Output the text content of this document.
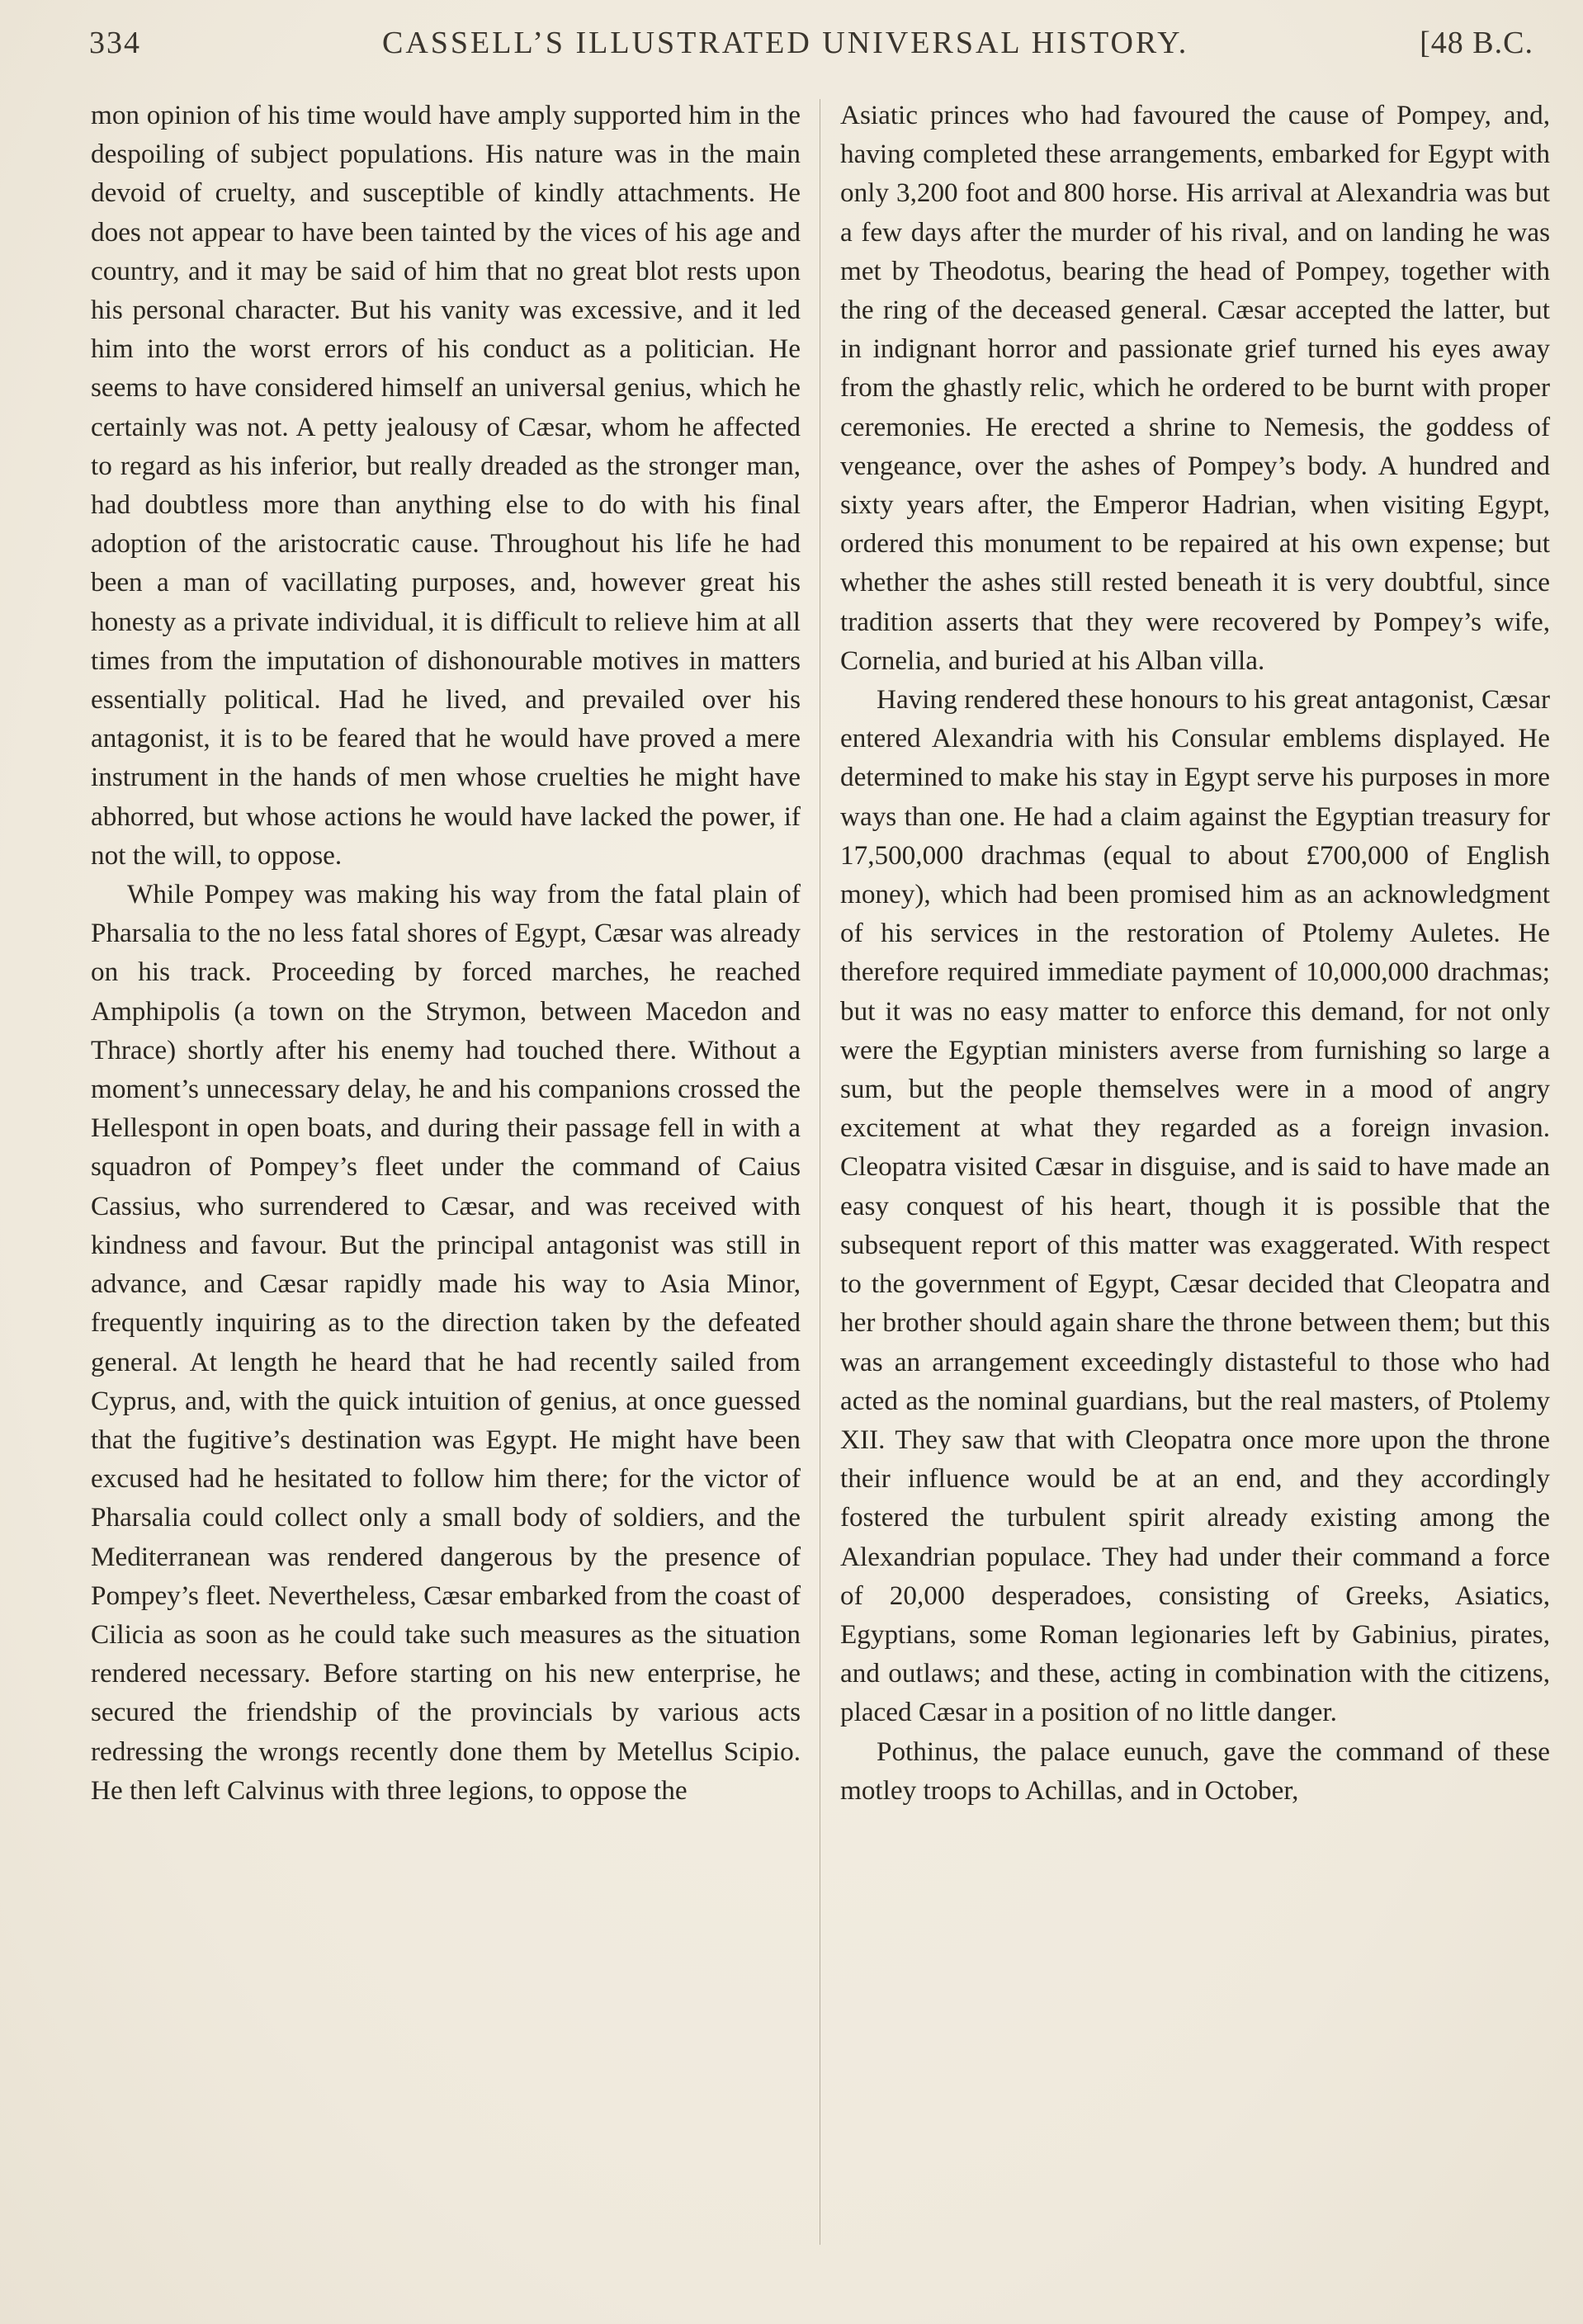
334	CASSELL’S ILLUSTRATED UNIVERSAL HISTORY.	[48 B.C.

mon opinion of his time would have amply supported him in the despoiling of subject populations. His nature was in the main devoid of cruelty, and susceptible of kindly attachments. He does not appear to have been tainted by the vices of his age and country, and it may be said of him that no great blot rests upon his personal character. But his vanity was excessive, and it led him into the worst errors of his conduct as a politician. He seems to have considered himself an universal genius, which he certainly was not. A petty jealousy of Cæsar, whom he affected to regard as his inferior, but really dreaded as the stronger man, had doubtless more than anything else to do with his final adoption of the aristocratic cause. Throughout his life he had been a man of vacillating purposes, and, however great his honesty as a private individual, it is difficult to relieve him at all times from the imputation of dishonourable motives in matters essentially political. Had he lived, and prevailed over his antagonist, it is to be feared that he would have proved a mere instrument in the hands of men whose cruelties he might have abhorred, but whose actions he would have lacked the power, if not the will, to oppose.

While Pompey was making his way from the fatal plain of Pharsalia to the no less fatal shores of Egypt, Cæsar was already on his track. Proceeding by forced marches, he reached Amphipolis (a town on the Strymon, between Macedon and Thrace) shortly after his enemy had touched there. Without a moment’s unnecessary delay, he and his companions crossed the Hellespont in open boats, and during their passage fell in with a squadron of Pompey’s fleet under the command of Caius Cassius, who surrendered to Cæsar, and was received with kindness and favour. But the principal antagonist was still in advance, and Cæsar rapidly made his way to Asia Minor, frequently inquiring as to the direction taken by the defeated general. At length he heard that he had recently sailed from Cyprus, and, with the quick intuition of genius, at once guessed that the fugitive’s destination was Egypt. He might have been excused had he hesitated to follow him there; for the victor of Pharsalia could collect only a small body of soldiers, and the Mediterranean was rendered dangerous by the presence of Pompey’s fleet. Nevertheless, Cæsar embarked from the coast of Cilicia as soon as he could take such measures as the situation rendered necessary. Before starting on his new enterprise, he secured the friendship of the provincials by various acts redressing the wrongs recently done them by Metellus Scipio. He then left Calvinus with three legions, to oppose the

Asiatic princes who had favoured the cause of Pompey, and, having completed these arrangements, embarked for Egypt with only 3,200 foot and 800 horse. His arrival at Alexandria was but a few days after the murder of his rival, and on landing he was met by Theodotus, bearing the head of Pompey, together with the ring of the deceased general. Cæsar accepted the latter, but in indignant horror and passionate grief turned his eyes away from the ghastly relic, which he ordered to be burnt with proper ceremonies. He erected a shrine to Nemesis, the goddess of vengeance, over the ashes of Pompey’s body. A hundred and sixty years after, the Emperor Hadrian, when visiting Egypt, ordered this monument to be repaired at his own expense; but whether the ashes still rested beneath it is very doubtful, since tradition asserts that they were recovered by Pompey’s wife, Cornelia, and buried at his Alban villa.

Having rendered these honours to his great antagonist, Cæsar entered Alexandria with his Consular emblems displayed. He determined to make his stay in Egypt serve his purposes in more ways than one. He had a claim against the Egyptian treasury for 17,500,000 drachmas (equal to about £700,000 of English money), which had been promised him as an acknowledgment of his services in the restoration of Ptolemy Auletes. He therefore required immediate payment of 10,000,000 drachmas; but it was no easy matter to enforce this demand, for not only were the Egyptian ministers averse from furnishing so large a sum, but the people themselves were in a mood of angry excitement at what they regarded as a foreign invasion. Cleopatra visited Cæsar in disguise, and is said to have made an easy conquest of his heart, though it is possible that the subsequent report of this matter was exaggerated. With respect to the government of Egypt, Cæsar decided that Cleopatra and her brother should again share the throne between them; but this was an arrangement exceedingly distasteful to those who had acted as the nominal guardians, but the real masters, of Ptolemy XII. They saw that with Cleopatra once more upon the throne their influence would be at an end, and they accordingly fostered the turbulent spirit already existing among the Alexandrian populace. They had under their command a force of 20,000 desperadoes, consisting of Greeks, Asiatics, Egyptians, some Roman legionaries left by Gabinius, pirates, and outlaws; and these, acting in combination with the citizens, placed Cæsar in a position of no little danger.

Pothinus, the palace eunuch, gave the command of these motley troops to Achillas, and in October,
